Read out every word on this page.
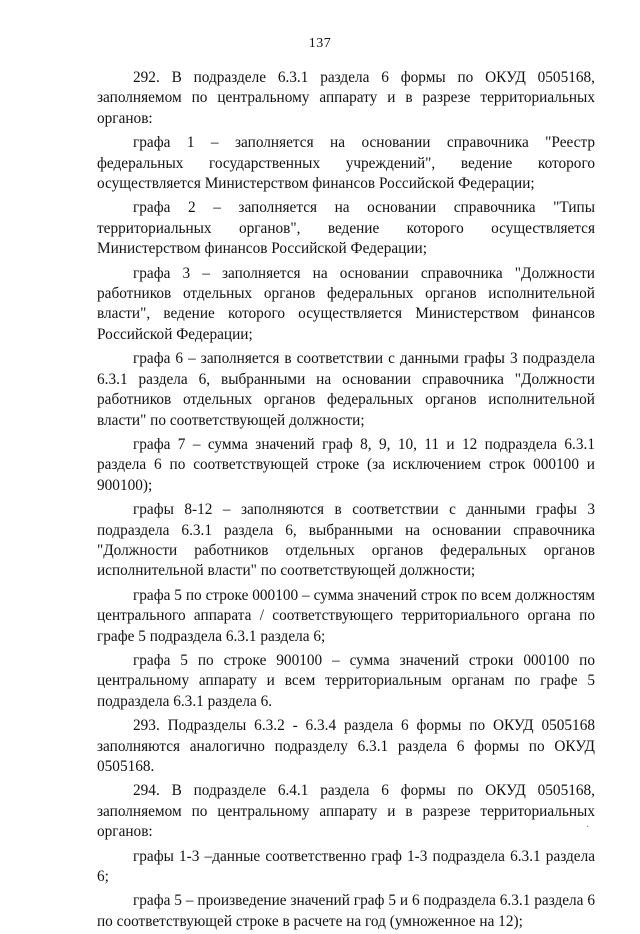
137

292. В подразделе 6.3.1 раздела 6 формы по ОКУД 0505168, заполняемом по центральному аппарату и в разрезе территориальных органов:

графа 1 – заполняется на основании справочника "Реестр федеральных государственных учреждений", ведение которого осуществляется Министерством финансов Российской Федерации;

графа 2 – заполняется на основании справочника "Типы территориальных органов", ведение которого осуществляется Министерством финансов Российской Федерации;

графа 3 – заполняется на основании справочника "Должности работников отдельных органов федеральных органов исполнительной власти", ведение которого осуществляется Министерством финансов Российской Федерации;

графа 6 – заполняется в соответствии с данными графы 3 подраздела 6.3.1 раздела 6, выбранными на основании справочника "Должности работников отдельных органов федеральных органов исполнительной власти" по соответствующей должности;

графа 7 – сумма значений граф 8, 9, 10, 11 и 12 подраздела 6.3.1 раздела 6 по соответствующей строке (за исключением строк 000100 и 900100);

графы 8-12 – заполняются в соответствии с данными графы 3 подраздела 6.3.1 раздела 6, выбранными на основании справочника "Должности работников отдельных органов федеральных органов исполнительной власти" по соответствующей должности;

графа 5 по строке 000100 – сумма значений строк по всем должностям центрального аппарата / соответствующего территориального органа по графе 5 подраздела 6.3.1 раздела 6;

графа 5 по строке 900100 – сумма значений строки 000100 по центральному аппарату и всем территориальным органам по графе 5 подраздела 6.3.1 раздела 6.

293. Подразделы 6.3.2 - 6.3.4 раздела 6 формы по ОКУД 0505168 заполняются аналогично подразделу 6.3.1 раздела 6 формы по ОКУД 0505168.

294. В подразделе 6.4.1 раздела 6 формы по ОКУД 0505168, заполняемом по центральному аппарату и в разрезе территориальных органов:

графы 1-3 –данные соответственно граф 1-3 подраздела 6.3.1 раздела 6;

графа 5 – произведение значений граф 5 и 6 подраздела 6.3.1 раздела 6 по соответствующей строке в расчете на год (умноженное на 12);

·
